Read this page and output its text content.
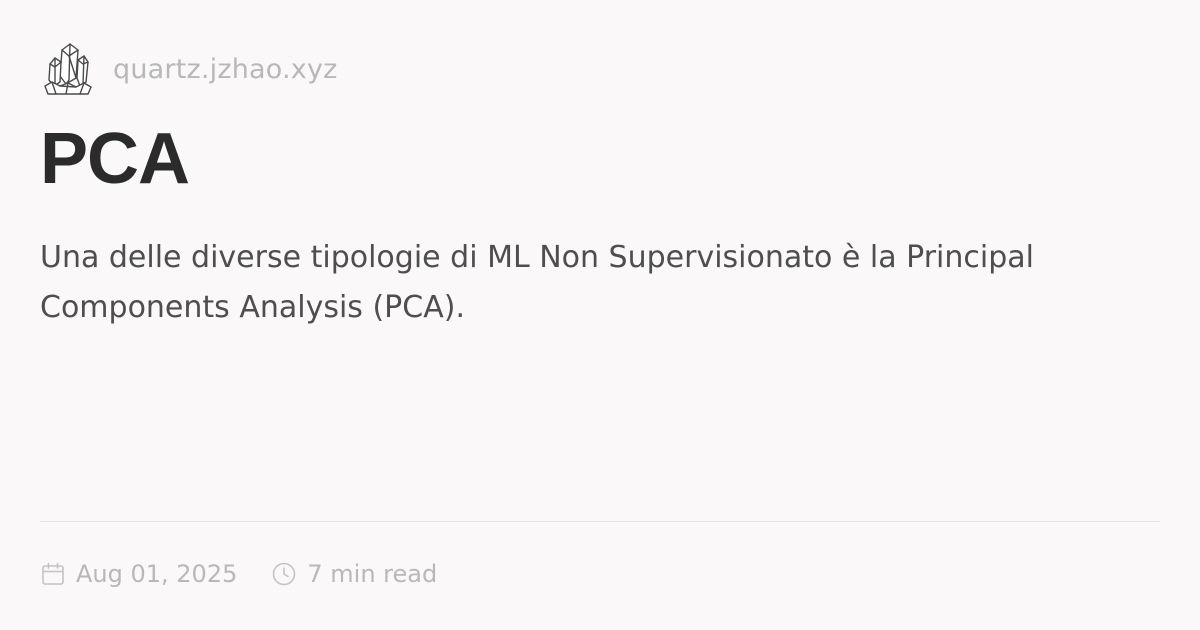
quartz.jzhao.xyz
PCA

Una delle diverse tipologie di ML Non Supervisionato è la Principal Components Analysis (PCA).

Aug 01, 2025	7 min read
